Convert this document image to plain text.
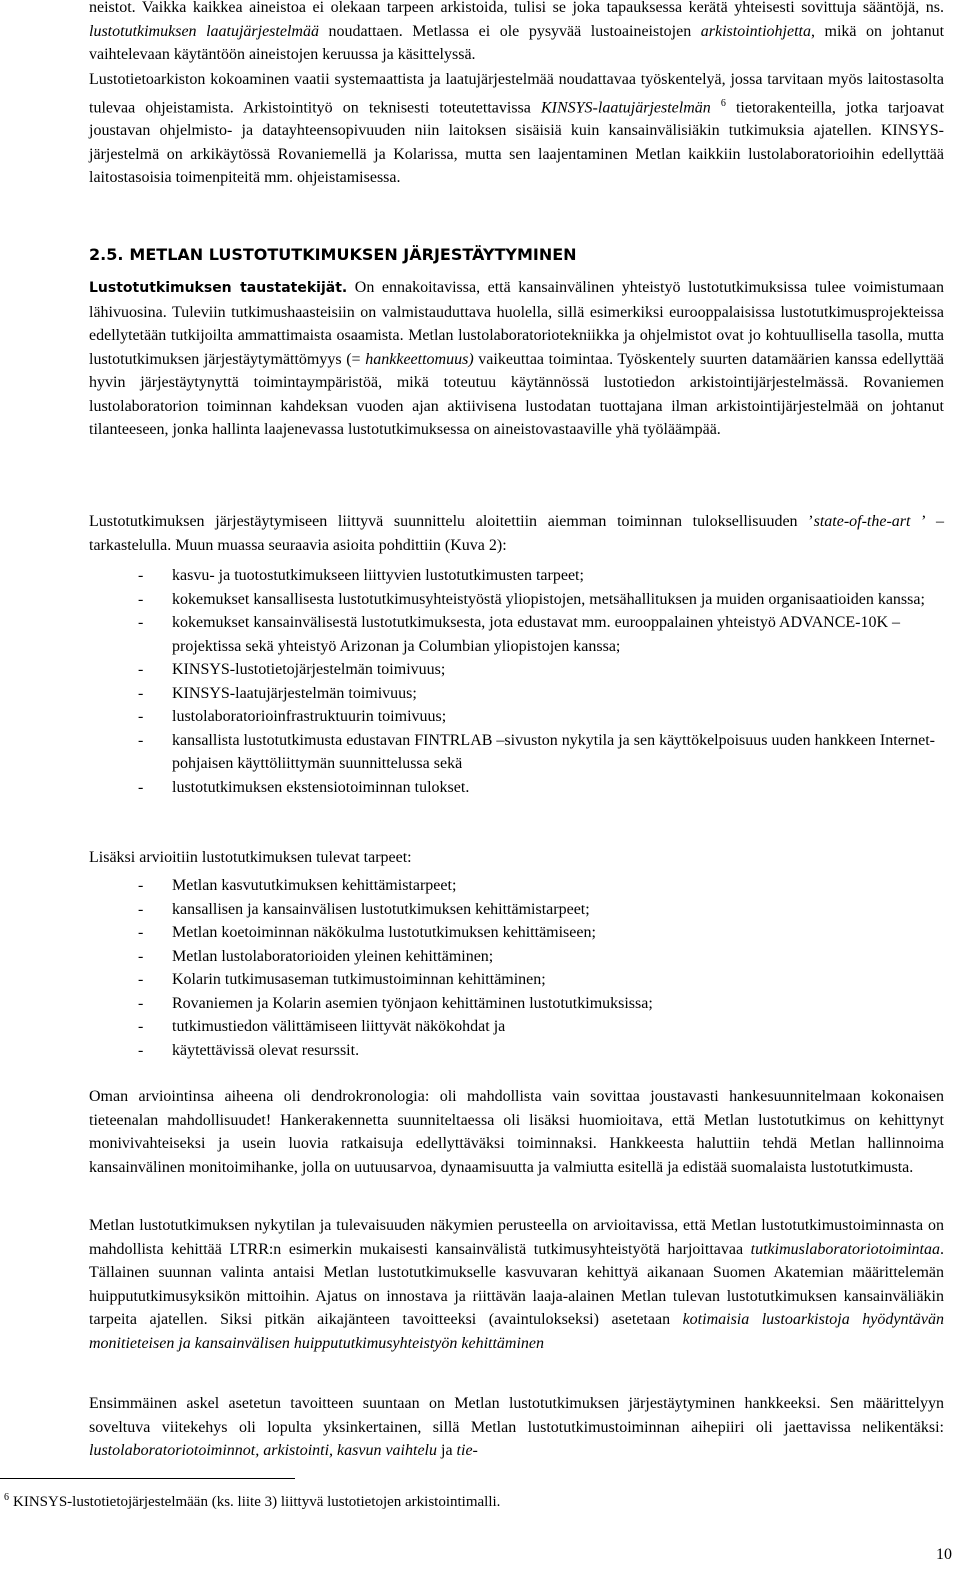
neistot. Vaikka kaikkea aineistoa ei olekaan tarpeen arkistoida, tulisi se joka tapauksessa kerätä yhteisesti sovittuja sääntöjä, ns. lustotutkimuksen laatujärjestelmää noudattaen. Metlassa ei ole pysyvää lustoaineistojen arkistointiohjetta, mikä on johtanut vaihtelevaan käytäntöön aineistojen keruussa ja käsittelyssä.

Lustotietoarkiston kokoaminen vaatii systemaattista ja laatujärjestelmää noudattavaa työskentelyä, jossa tarvitaan myös laitostasolta tulevaa ohjeistamista. Arkistointityö on teknisesti toteutettavissa KINSYS-laatujärjestelmän $^6$ tietorakenteilla, jotka tarjoavat joustavan ohjelmisto- ja datayhteensopivuuden niin laitoksen sisäisiä kuin kansainvälisiäkin tutkimuksia ajatellen. KINSYS-järjestelmä on arkikäytössä Rovaniemellä ja Kolarissa, mutta sen laajentaminen Metlan kaikkiin lustolaboratorioihin edellyttää laitostasoisia toimenpiteitä mm. ohjeistamisessa.

2.5. METLAN LUSTOTUTKIMUKSEN JÄRJESTÄYTYMINEN

Lustotutkimuksen taustatekijät. On ennakoitavissa, että kansainvälinen yhteistyö lustotutkimuksissa tulee voimistumaan lähivuosina. Tuleviin tutkimushaasteisiin on valmistauduttava huolella, sillä esimerkiksi eurooppalaisissa lustotutkimusprojekteissa edellytetään tutkijoilta ammattimaista osaamista. Metlan lustolaboratoriotekniikka ja ohjelmistot ovat jo kohtuullisella tasolla, mutta lustotutkimuksen järjestäytymättömyys (= hankkeettomuus) vaikeuttaa toimintaa. Työskentely suurten datamäärien kanssa edellyttää hyvin järjestäytynyttä toimintaympäristöä, mikä toteutuu käytännössä lustotiedon arkistointijärjestelmässä. Rovaniemen lustolaboratorion toiminnan kahdeksan vuoden ajan aktiivisena lustodatan tuottajana ilman arkistointijärjestelmää on johtanut tilanteeseen, jonka hallinta laajenevassa lustotutkimuksessa on aineistovastaaville yhä työläämpää.

Lustotutkimuksen järjestäytymiseen liittyvä suunnittelu aloitettiin aiemman toiminnan tuloksellisuuden ’state-of-the-art ’ –tarkastelulla. Muun muassa seuraavia asioita pohdittiin (Kuva 2):

- kasvu- ja tuotostutkimukseen liittyvien lustotutkimusten tarpeet;
- kokemukset kansallisesta lustotutkimusyhteistyöstä yliopistojen, metsähallituksen ja muiden organisaatioiden kanssa;
- kokemukset kansainvälisestä lustotutkimuksesta, jota edustavat mm. eurooppalainen yhteistyö ADVANCE-10K –projektissa sekä yhteistyö Arizonan ja Columbian yliopistojen kanssa;
- KINSYS-lustotietojärjestelmän toimivuus;
- KINSYS-laatujärjestelmän toimivuus;
- lustolaboratorioinfrastruktuurin toimivuus;
- kansallista lustotutkimusta edustavan FINTRLAB –sivuston nykytila ja sen käyttökelpoisuus uuden hankkeen Internet-pohjaisen käyttöliittymän suunnittelussa sekä
- lustotutkimuksen ekstensiotoiminnan tulokset.

Lisäksi arvioitiin lustotutkimuksen tulevat tarpeet:

- Metlan kasvututkimuksen kehittämistarpeet;
- kansallisen ja kansainvälisen lustotutkimuksen kehittämistarpeet;
- Metlan koetoiminnan näkökulma lustotutkimuksen kehittämiseen;
- Metlan lustolaboratorioiden yleinen kehittäminen;
- Kolarin tutkimusaseman tutkimustoiminnan kehittäminen;
- Rovaniemen ja Kolarin asemien työnjaon kehittäminen lustotutkimuksissa;
- tutkimustiedon välittämiseen liittyvät näkökohdat ja
- käytettävissä olevat resurssit.

Oman arviointinsa aiheena oli dendrokronologia: oli mahdollista vain sovittaa joustavasti hankesuunnitelmaan kokonaisen tieteenalan mahdollisuudet! Hankerakennetta suunniteltaessa oli lisäksi huomioitava, että Metlan lustotutkimus on kehittynyt monivivahteiseksi ja usein luovia ratkaisuja edellyttäväksi toiminnaksi. Hankkeesta haluttiin tehdä Metlan hallinnoima kansainvälinen monitoimihanke, jolla on uutuusarvoa, dynaamisuutta ja valmiutta esitellä ja edistää suomalaista lustotutkimusta.

Metlan lustotutkimuksen nykytilan ja tulevaisuuden näkymien perusteella on arvioitavissa, että Metlan lustotutkimustoiminnasta on mahdollista kehittää LTRR:n esimerkin mukaisesti kansainvälistä tutkimusyhteistyötä harjoittavaa tutkimuslaboratoriotoimintaa. Tällainen suunnan valinta antaisi Metlan lustotutkimukselle kasvuvaran kehittyä aikanaan Suomen Akatemian määrittelemän huippututkimusyksikön mittoihin. Ajatus on innostava ja riittävän laaja-alainen Metlan tulevan lustotutkimuksen kansainväliäkin tarpeita ajatellen. Siksi pitkän aikajänteen tavoitteeksi (avaintulokseksi) asetetaan kotimaisia lustoarkistoja hyödyntävän monitieteisen ja kansainvälisen huippututkimusyhteistyön kehittäminen

Ensimmäinen askel asetetun tavoitteen suuntaan on Metlan lustotutkimuksen järjestäytyminen hankkeeksi. Sen määrittelyyn soveltuva viitekehys oli lopulta yksinkertainen, sillä Metlan lustotutkimustoiminnan aihepiiri oli jaettavissa nelikentäksi: lustolaboratoriotoiminnot, arkistointi, kasvun vaihtelu ja tie-

$^6$ KINSYS-lustotietojärjestelmään (ks. liite 3) liittyvä lustotietojen arkistointimalli.
10
